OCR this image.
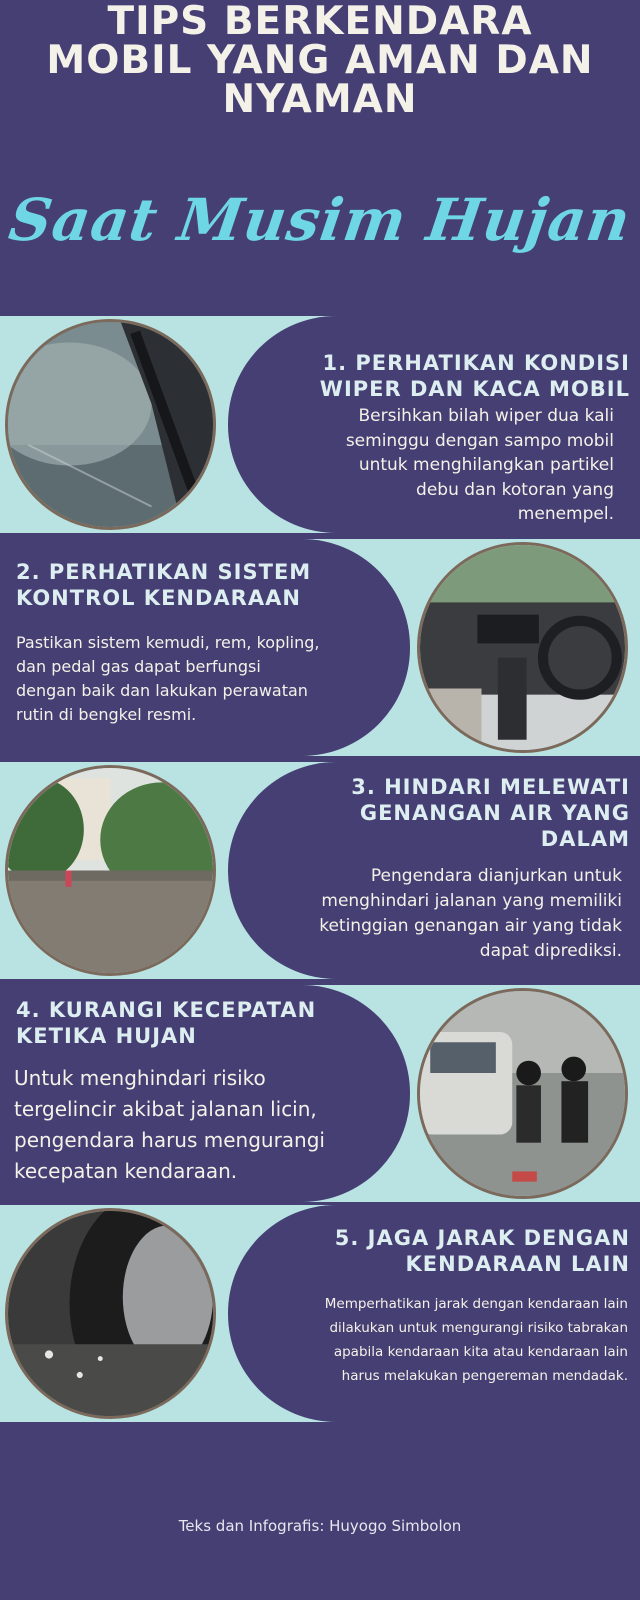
TIPS BERKENDARA
MOBIL YANG AMAN DAN
NYAMAN
Saat Musim Hujan
1. PERHATIKAN KONDISI
WIPER DAN KACA MOBIL
Bersihkan bilah wiper dua kali
seminggu dengan sampo mobil
untuk menghilangkan partikel
debu dan kotoran yang
menempel.
2. PERHATIKAN SISTEM
KONTROL KENDARAAN
Pastikan sistem kemudi, rem, kopling,
dan pedal gas dapat berfungsi
dengan baik dan lakukan perawatan
rutin di bengkel resmi.
3. HINDARI MELEWATI
GENANGAN AIR YANG
DALAM
Pengendara dianjurkan untuk
menghindari jalanan yang memiliki
ketinggian genangan air yang tidak
dapat diprediksi.
4. KURANGI KECEPATAN
KETIKA HUJAN
Untuk menghindari risiko
tergelincir akibat jalanan licin,
pengendara harus mengurangi
kecepatan kendaraan.
5. JAGA JARAK DENGAN
KENDARAAN LAIN
Memperhatikan jarak dengan kendaraan lain
dilakukan untuk mengurangi risiko tabrakan
apabila kendaraan kita atau kendaraan lain
harus melakukan pengereman mendadak.
Teks dan Infografis: Huyogo Simbolon
